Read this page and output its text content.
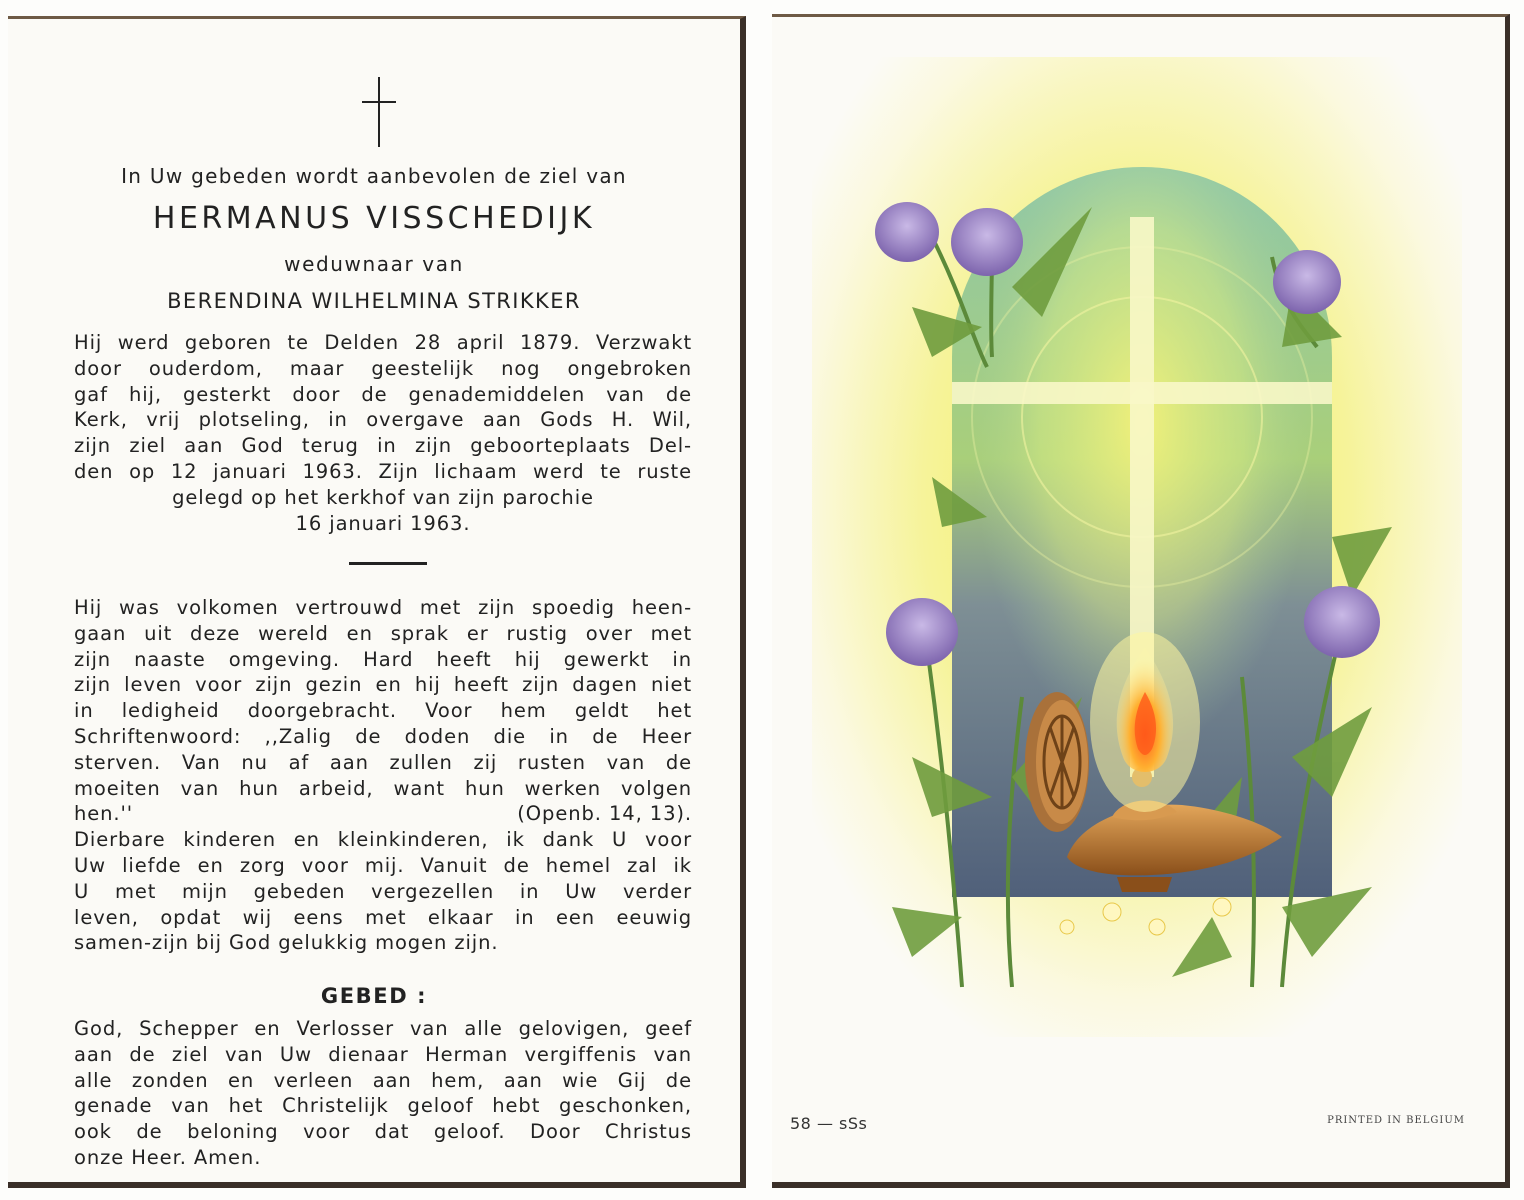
In Uw gebeden wordt aanbevolen de ziel van
HERMANUS VISSCHEDIJK
weduwnaar van
BERENDINA WILHELMINA STRIKKER
Hij werd geboren te Delden 28 april 1879. Verzwakt
door ouderdom, maar geestelijk nog ongebroken
gaf hij, gesterkt door de genademiddelen van de
Kerk, vrij plotseling, in overgave aan Gods H. Wil,
zijn ziel aan God terug in zijn geboorteplaats Del-
den op 12 januari 1963. Zijn lichaam werd te ruste
gelegd op het kerkhof van zijn parochie
16 januari 1963.
Hij was volkomen vertrouwd met zijn spoedig heen-
gaan uit deze wereld en sprak er rustig over met
zijn naaste omgeving. Hard heeft hij gewerkt in
zijn leven voor zijn gezin en hij heeft zijn dagen niet
in ledigheid doorgebracht. Voor hem geldt het
Schriftenwoord: ,,Zalig de doden die in de Heer
sterven. Van nu af aan zullen zij rusten van de
moeiten van hun arbeid, want hun werken volgen
hen.''	(Openb. 14, 13).
Dierbare kinderen en kleinkinderen, ik dank U voor
Uw liefde en zorg voor mij. Vanuit de hemel zal ik
U met mijn gebeden vergezellen in Uw verder
leven, opdat wij eens met elkaar in een eeuwig
samen-zijn bij God gelukkig mogen zijn.
GEBED :
God, Schepper en Verlosser van alle gelovigen, geef
aan de ziel van Uw dienaar Herman vergiffenis van
alle zonden en verleen aan hem, aan wie Gij de
genade van het Christelijk geloof hebt geschonken,
ook de beloning voor dat geloof. Door Christus
onze Heer. Amen.
58 — sSs	PRINTED IN BELGIUM
